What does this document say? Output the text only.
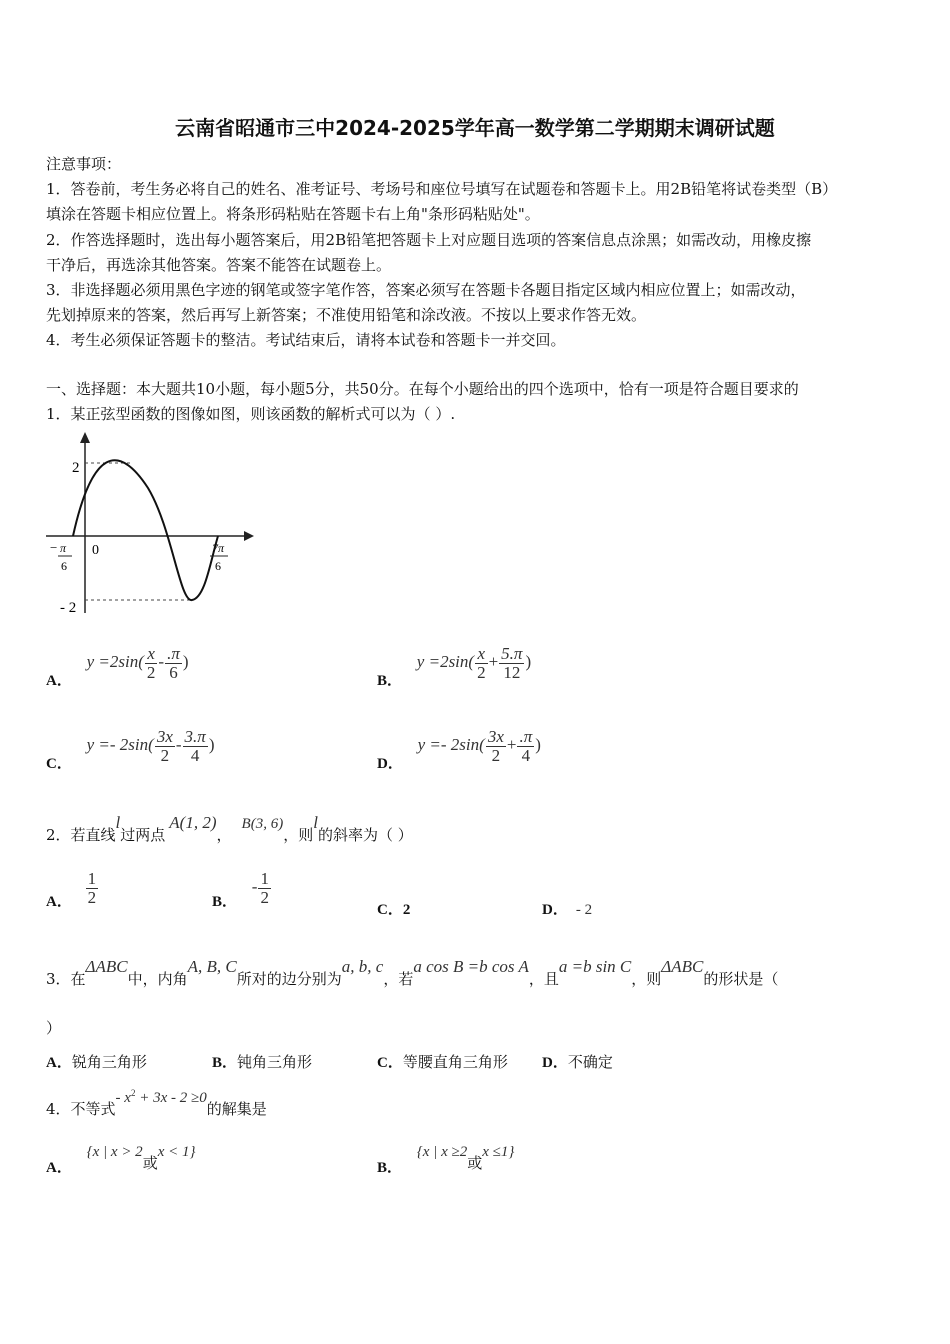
云南省昭通市三中2024-2025学年高一数学第二学期期末调研试题
注意事项：
1．答卷前，考生务必将自己的姓名、准考证号、考场号和座位号填写在试题卷和答题卡上。用2B铅笔将试卷类型（B）
填涂在答题卡相应位置上。将条形码粘贴在答题卡右上角"条形码粘贴处"。
2．作答选择题时，选出每小题答案后，用2B铅笔把答题卡上对应题目选项的答案信息点涂黑；如需改动，用橡皮擦
干净后，再选涂其他答案。答案不能答在试题卷上。
3．非选择题必须用黑色字迹的钢笔或签字笔作答，答案必须写在答题卡各题目指定区域内相应位置上；如需改动，
先划掉原来的答案，然后再写上新答案；不准使用铅笔和涂改液。不按以上要求作答无效。
4．考生必须保证答题卡的整洁。考试结束后，请将本试卷和答题卡一并交回。
一、选择题：本大题共10小题，每小题5分，共50分。在每个小题给出的四个选项中，恰有一项是符合题目要求的
1．某正弦型函数的图像如图，则该函数的解析式可以为（ ）.
2
- 2
0
− π
6
7π
6
A． $y =2\sin( \frac{x}{2} - \frac{.\pi}{6}$ )
B． $y =2\sin( \frac{x}{2} + \frac{5.\pi}{12}$ )
C． $y =- 2\sin( \frac{3x}{2} - \frac{3.\pi}{4}$ )
D． $y =- 2\sin( \frac{3x}{2} + \frac{.\pi}{4}$ )
2．若直线l过两点A(1, 2)，B(3, 6)，则l的斜率为（ ）
A． $\frac{1}{2}$	B． - $\frac{1}{2}$
C．2	D． - 2
3．在ΔABC中，内角A, B, C所对的边分别为a, b, c，若a cos B =b cos A，且a =b sin C，则ΔABC的形状是（
）
A．锐角三角形	B．钝角三角形	C．等腰直角三角形 D．不确定
4．不等式- $x^2 + 3x - 2 \ge 0$的解集是
A． {x | x > 2或x < 1}
B． {x | x ≥2或x ≤1}
